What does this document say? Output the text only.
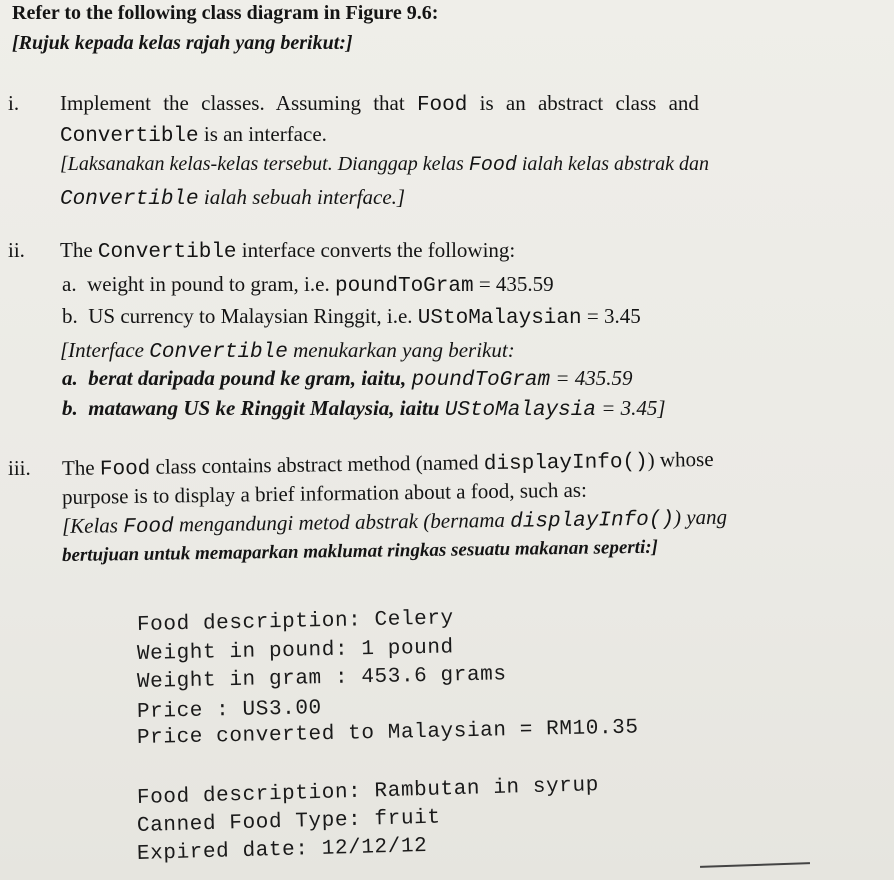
Refer to the following class diagram in Figure 9.6:
[Rujuk kepada kelas rajah yang berikut:]
i. Implement the classes. Assuming that Food is an abstract class and
Convertible is an interface.
[Laksanakan kelas-kelas tersebut. Dianggap kelas Food ialah kelas abstrak dan
Convertible ialah sebuah interface.]
ii. The Convertible interface converts the following:
a. weight in pound to gram, i.e. poundToGram = 435.59
b. US currency to Malaysian Ringgit, i.e. UStoMalaysian = 3.45
[Interface Convertible menukarkan yang berikut:
a. berat daripada pound ke gram, iaitu, poundToGram = 435.59
b. matawang US ke Ringgit Malaysia, iaitu UStoMalaysia = 3.45]
iii. The Food class contains abstract method (named displayInfo()) whose
purpose is to display a brief information about a food, such as:
[Kelas Food mengandungi metod abstrak (bernama displayInfo()) yang
bertujuan untuk memaparkan maklumat ringkas sesuatu makanan seperti:]
Food description: Celery
Weight in pound: 1 pound
Weight in gram : 453.6 grams
Price : US3.00
Price converted to Malaysian = RM10.35
Food description: Rambutan in syrup
Canned Food Type: fruit
Expired date: 12/12/12
